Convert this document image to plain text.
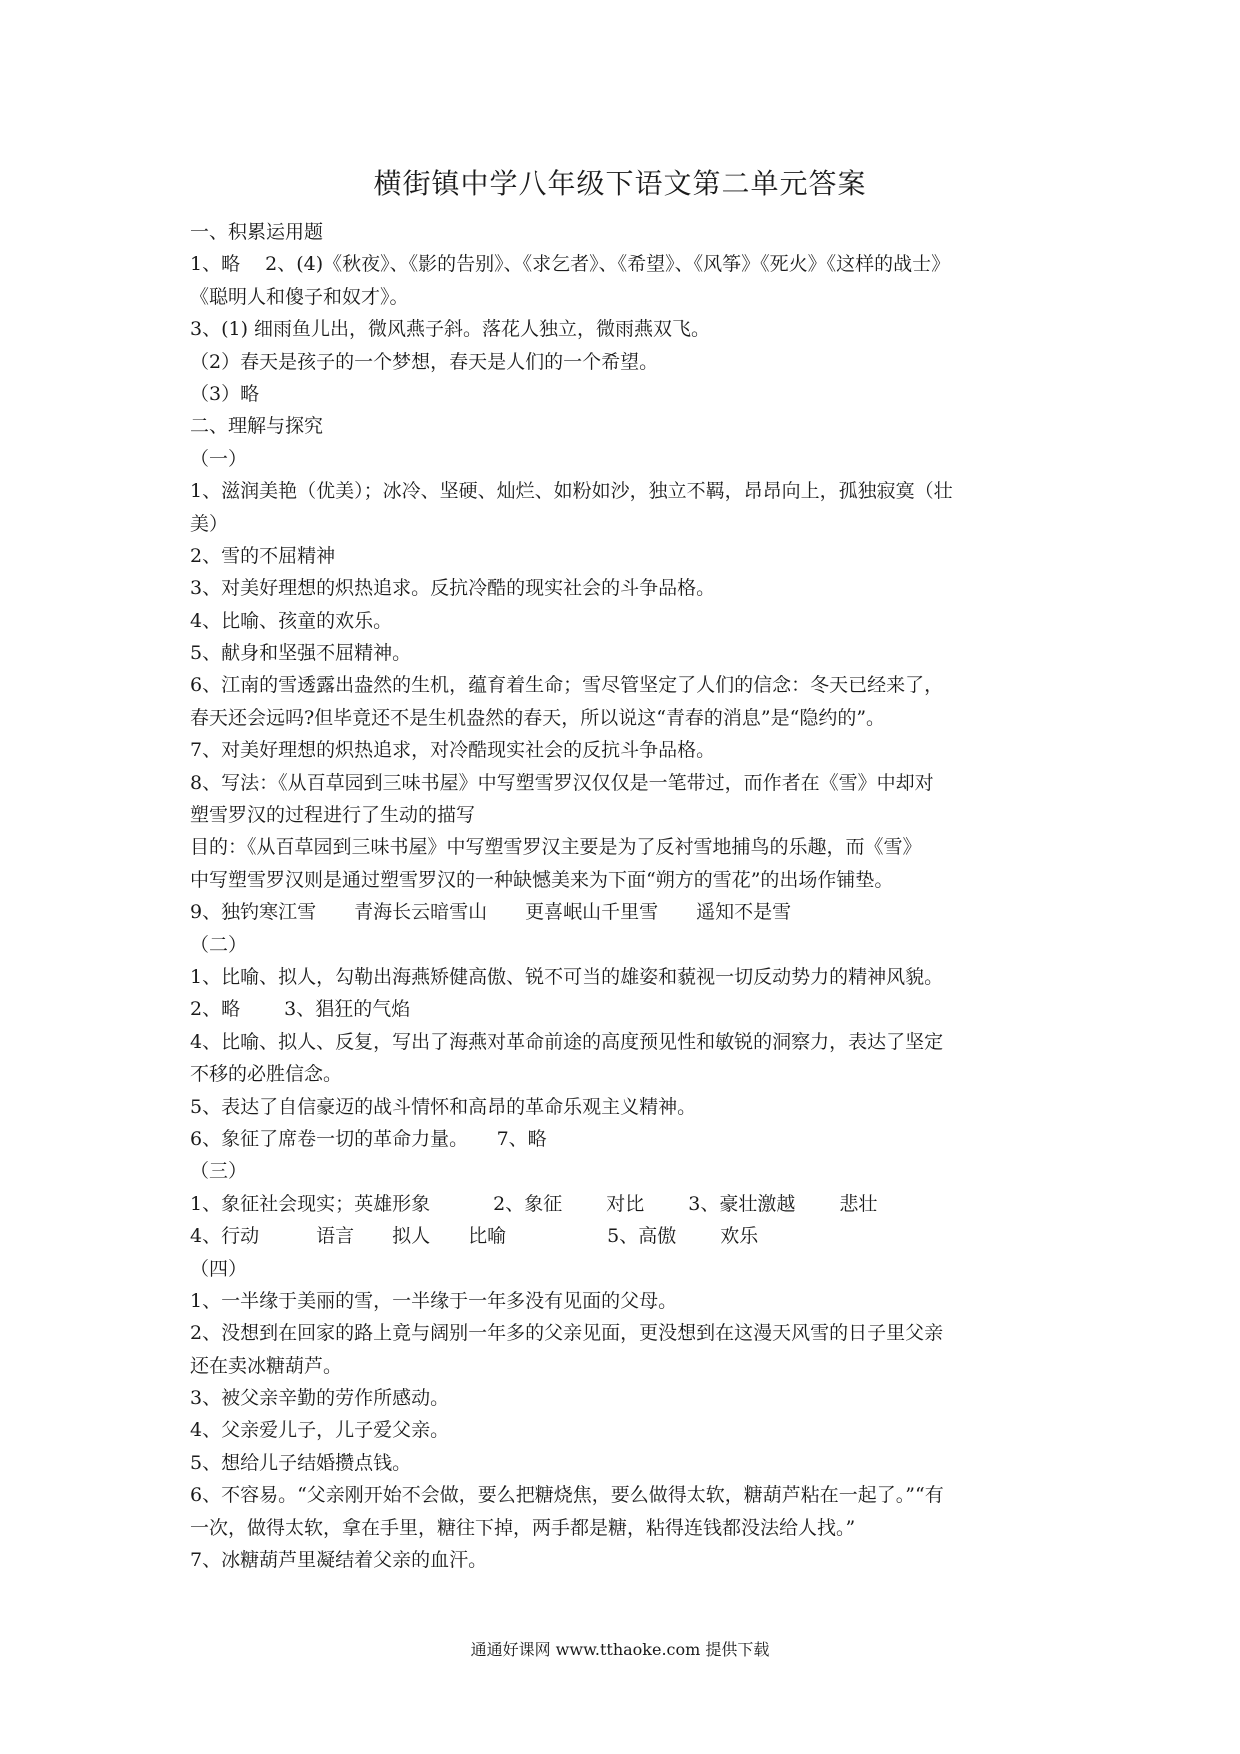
横街镇中学八年级下语文第二单元答案
一、积累运用题
1、略　 2、(4)《秋夜》、《影的告别》、《求乞者》、《希望》、《风筝》《死火》《这样的战士》
《聪明人和傻子和奴才》。
3、(1) 细雨鱼儿出，微风燕子斜。落花人独立，微雨燕双飞。
（2）春天是孩子的一个梦想，春天是人们的一个希望。
（3）略
二、理解与探究
（一）
1、滋润美艳（优美）；冰冷、坚硬、灿烂、如粉如沙，独立不羁，昂昂向上，孤独寂寞（壮
美）
2、雪的不屈精神
3、对美好理想的炽热追求。反抗冷酷的现实社会的斗争品格。
4、比喻、孩童的欢乐。
5、献身和坚强不屈精神。
6、江南的雪透露出盎然的生机，蕴育着生命；雪尽管坚定了人们的信念：冬天已经来了，
春天还会远吗?但毕竟还不是生机盎然的春天，所以说这“青春的消息”是“隐约的”。
7、对美好理想的炽热追求，对冷酷现实社会的反抗斗争品格。
8、写法：《从百草园到三味书屋》中写塑雪罗汉仅仅是一笔带过，而作者在《雪》中却对
塑雪罗汉的过程进行了生动的描写
目的：《从百草园到三味书屋》中写塑雪罗汉主要是为了反衬雪地捕鸟的乐趣，而《雪》
中写塑雪罗汉则是通过塑雪罗汉的一种缺憾美来为下面“朔方的雪花”的出场作铺垫。
9、独钓寒江雪　　青海长云暗雪山　　更喜岷山千里雪　　遥知不是雪
（二）
1、比喻、拟人，勾勒出海燕矫健高傲、锐不可当的雄姿和藐视一切反动势力的精神风貌。
2、略　　 3、猖狂的气焰
4、比喻、拟人、反复，写出了海燕对革命前途的高度预见性和敏锐的洞察力，表达了坚定
不移的必胜信念。
5、表达了自信豪迈的战斗情怀和高昂的革命乐观主义精神。
6、象征了席卷一切的革命力量。　　7、略
（三）
1、象征社会现实；英雄形象　　　 2、象征　　 对比　　 3、豪壮激越　　 悲壮
4、行动　　　语言　　拟人　　比喻　　　　　 5、高傲　　 欢乐
（四）
1、一半缘于美丽的雪，一半缘于一年多没有见面的父母。
2、没想到在回家的路上竟与阔别一年多的父亲见面，更没想到在这漫天风雪的日子里父亲
还在卖冰糖葫芦。
3、被父亲辛勤的劳作所感动。
4、父亲爱儿子，儿子爱父亲。
5、想给儿子结婚攒点钱。
6、不容易。“父亲刚开始不会做，要么把糖烧焦，要么做得太软，糖葫芦粘在一起了。”“有
一次，做得太软，拿在手里，糖往下掉，两手都是糖，粘得连钱都没法给人找。”
7、冰糖葫芦里凝结着父亲的血汗。
通通好课网 www.tthaoke.com 提供下载
